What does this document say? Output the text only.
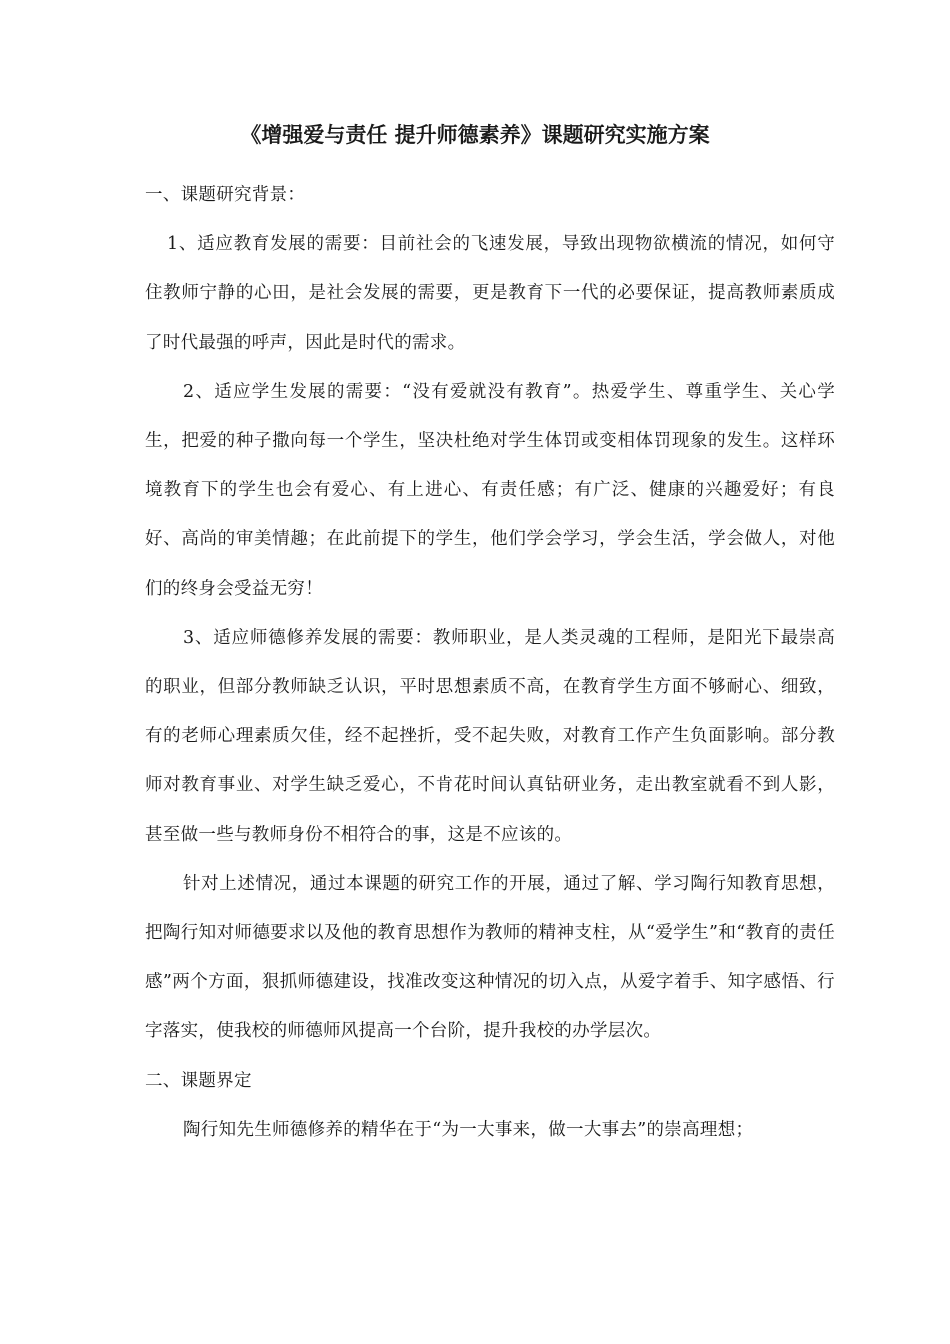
《增强爱与责任 提升师德素养》课题研究实施方案

一、课题研究背景：

1、适应教育发展的需要：目前社会的飞速发展，导致出现物欲横流的情况，如何守住教师宁静的心田，是社会发展的需要，更是教育下一代的必要保证，提高教师素质成了时代最强的呼声，因此是时代的需求。

2、适应学生发展的需要：“没有爱就没有教育”。热爱学生、尊重学生、关心学生，把爱的种子撒向每一个学生，坚决杜绝对学生体罚或变相体罚现象的发生。这样环境教育下的学生也会有爱心、有上进心、有责任感；有广泛、健康的兴趣爱好；有良好、高尚的审美情趣；在此前提下的学生，他们学会学习，学会生活，学会做人，对他们的终身会受益无穷！

3、适应师德修养发展的需要：教师职业，是人类灵魂的工程师，是阳光下最崇高的职业，但部分教师缺乏认识，平时思想素质不高，在教育学生方面不够耐心、细致，有的老师心理素质欠佳，经不起挫折，受不起失败，对教育工作产生负面影响。部分教师对教育事业、对学生缺乏爱心，不肯花时间认真钻研业务，走出教室就看不到人影，甚至做一些与教师身份不相符合的事，这是不应该的。

针对上述情况，通过本课题的研究工作的开展，通过了解、学习陶行知教育思想，把陶行知对师德要求以及他的教育思想作为教师的精神支柱，从“爱学生”和“教育的责任感”两个方面，狠抓师德建设，找准改变这种情况的切入点，从爱字着手、知字感悟、行字落实，使我校的师德师风提高一个台阶，提升我校的办学层次。

二、课题界定

陶行知先生师德修养的精华在于“为一大事来，做一大事去”的崇高理想；
